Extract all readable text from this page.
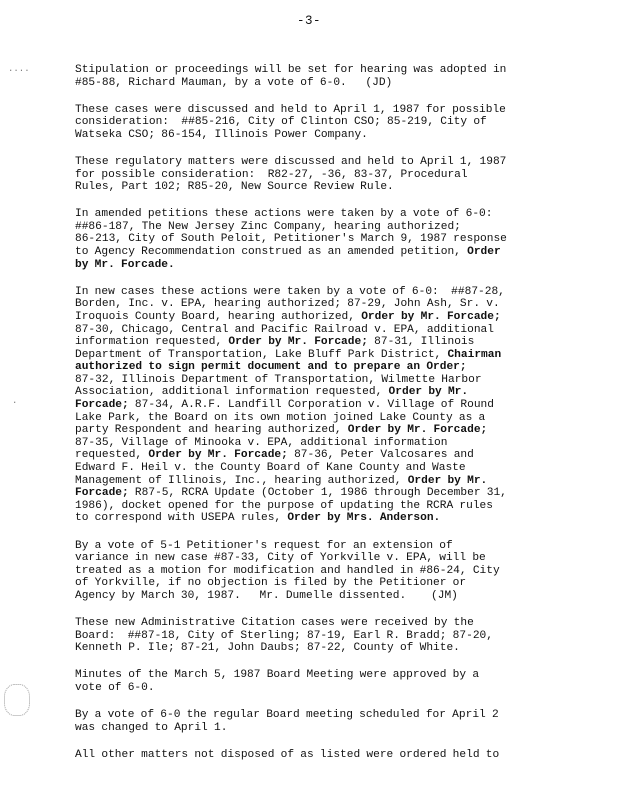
-3-
····
·
Stipulation or proceedings will be set for hearing was adopted in
#85-88, Richard Mauman, by a vote of 6-0.   (JD)
These cases were discussed and held to April 1, 1987 for possible
consideration:  ##85-216, City of Clinton CSO; 85-219, City of
Watseka CSO; 86-154, Illinois Power Company.
These regulatory matters were discussed and held to April 1, 1987
for possible consideration:  R82-27, -36, 83-37, Procedural
Rules, Part 102; R85-20, New Source Review Rule.
In amended petitions these actions were taken by a vote of 6-0:
##86-187, The New Jersey Zinc Company, hearing authorized;
86-213, City of South Peloit, Petitioner's March 9, 1987 response
to Agency Recommendation construed as an amended petition, Order
by Mr. Forcade.
In new cases these actions were taken by a vote of 6-0:  ##87-28,
Borden, Inc. v. EPA, hearing authorized; 87-29, John Ash, Sr. v.
Iroquois County Board, hearing authorized, Order by Mr. Forcade;
87-30, Chicago, Central and Pacific Railroad v. EPA, additional
information requested, Order by Mr. Forcade; 87-31, Illinois
Department of Transportation, Lake Bluff Park District, Chairman
authorized to sign permit document and to prepare an Order;
87-32, Illinois Department of Transportation, Wilmette Harbor
Association, additional information requested, Order by Mr.
Forcade; 87-34, A.R.F. Landfill Corporation v. Village of Round
Lake Park, the Board on its own motion joined Lake County as a
party Respondent and hearing authorized, Order by Mr. Forcade;
87-35, Village of Minooka v. EPA, additional information
requested, Order by Mr. Forcade; 87-36, Peter Valcosares and
Edward F. Heil v. the County Board of Kane County and Waste
Management of Illinois, Inc., hearing authorized, Order by Mr.
Forcade; R87-5, RCRA Update (October 1, 1986 through December 31,
1986), docket opened for the purpose of updating the RCRA rules
to correspond with USEPA rules, Order by Mrs. Anderson.
By a vote of 5-1 Petitioner's request for an extension of
variance in new case #87-33, City of Yorkville v. EPA, will be
treated as a motion for modification and handled in #86-24, City
of Yorkville, if no objection is filed by the Petitioner or
Agency by March 30, 1987.   Mr. Dumelle dissented.    (JM)
These new Administrative Citation cases were received by the
Board:  ##87-18, City of Sterling; 87-19, Earl R. Bradd; 87-20,
Kenneth P. Ile; 87-21, John Daubs; 87-22, County of White.
Minutes of the March 5, 1987 Board Meeting were approved by a
vote of 6-0.
By a vote of 6-0 the regular Board meeting scheduled for April 2
was changed to April 1.
All other matters not disposed of as listed were ordered held to
